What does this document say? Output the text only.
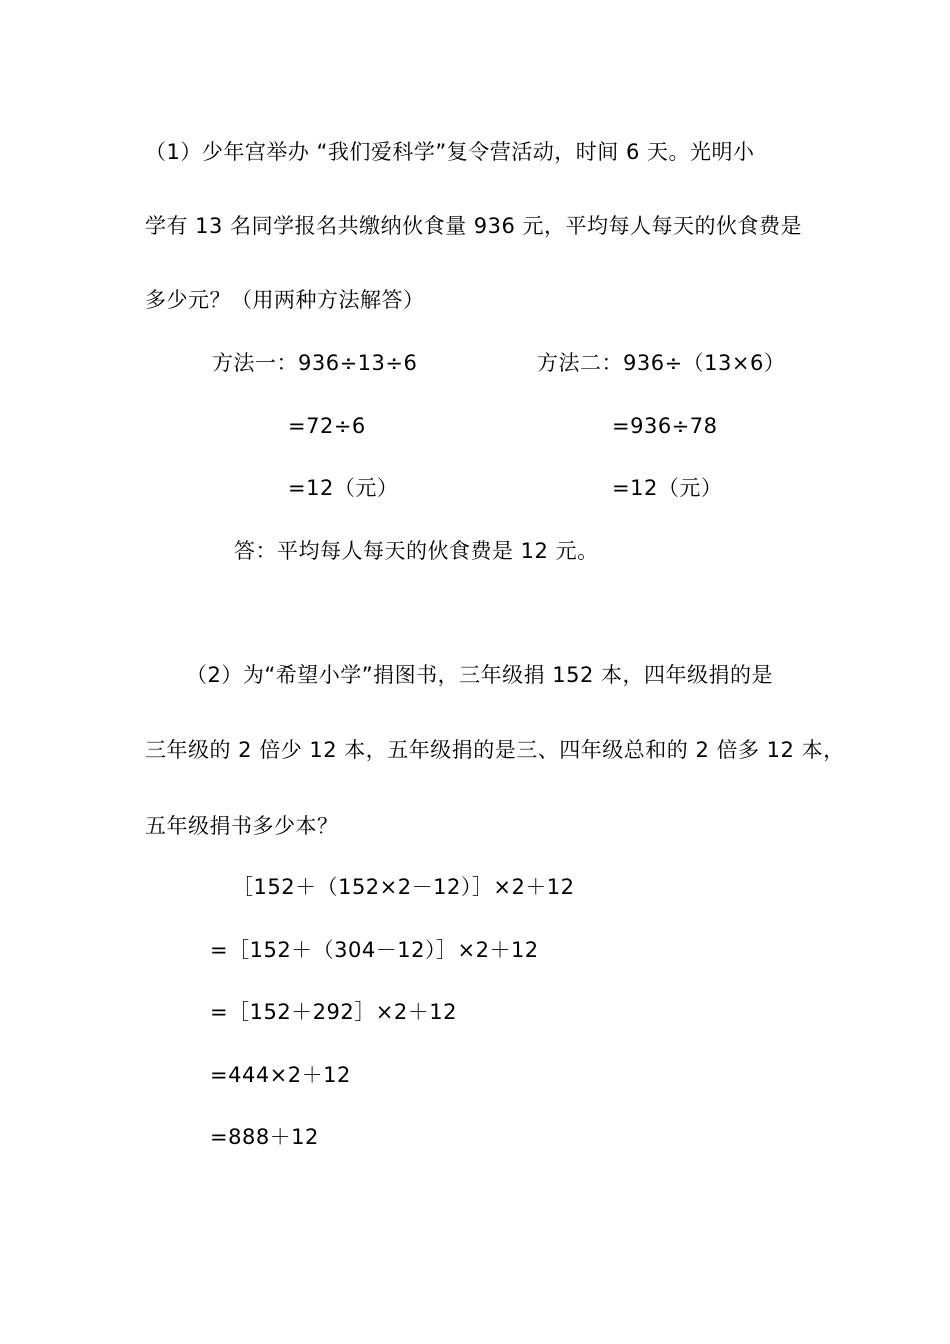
（1）少年宫举办 “我们爱科学”复令营活动，时间 6 天。光明小
学有 13 名同学报名共缴纳伙食量 936 元，平均每人每天的伙食费是
多少元？（用两种方法解答）
方法一：936÷13÷6
=72÷6
=12（元）
方法二：936÷（13×6）
=936÷78
=12（元）
答：平均每人每天的伙食费是 12 元。
（2）为“希望小学”捐图书，三年级捐 152 本，四年级捐的是
三年级的 2 倍少 12 本，五年级捐的是三、四年级总和的 2 倍多 12 本，
五年级捐书多少本？
［152＋（152×2－12）］×2＋12
=［152＋（304－12）］×2＋12
=［152＋292］×2＋12
=444×2＋12
=888＋12
